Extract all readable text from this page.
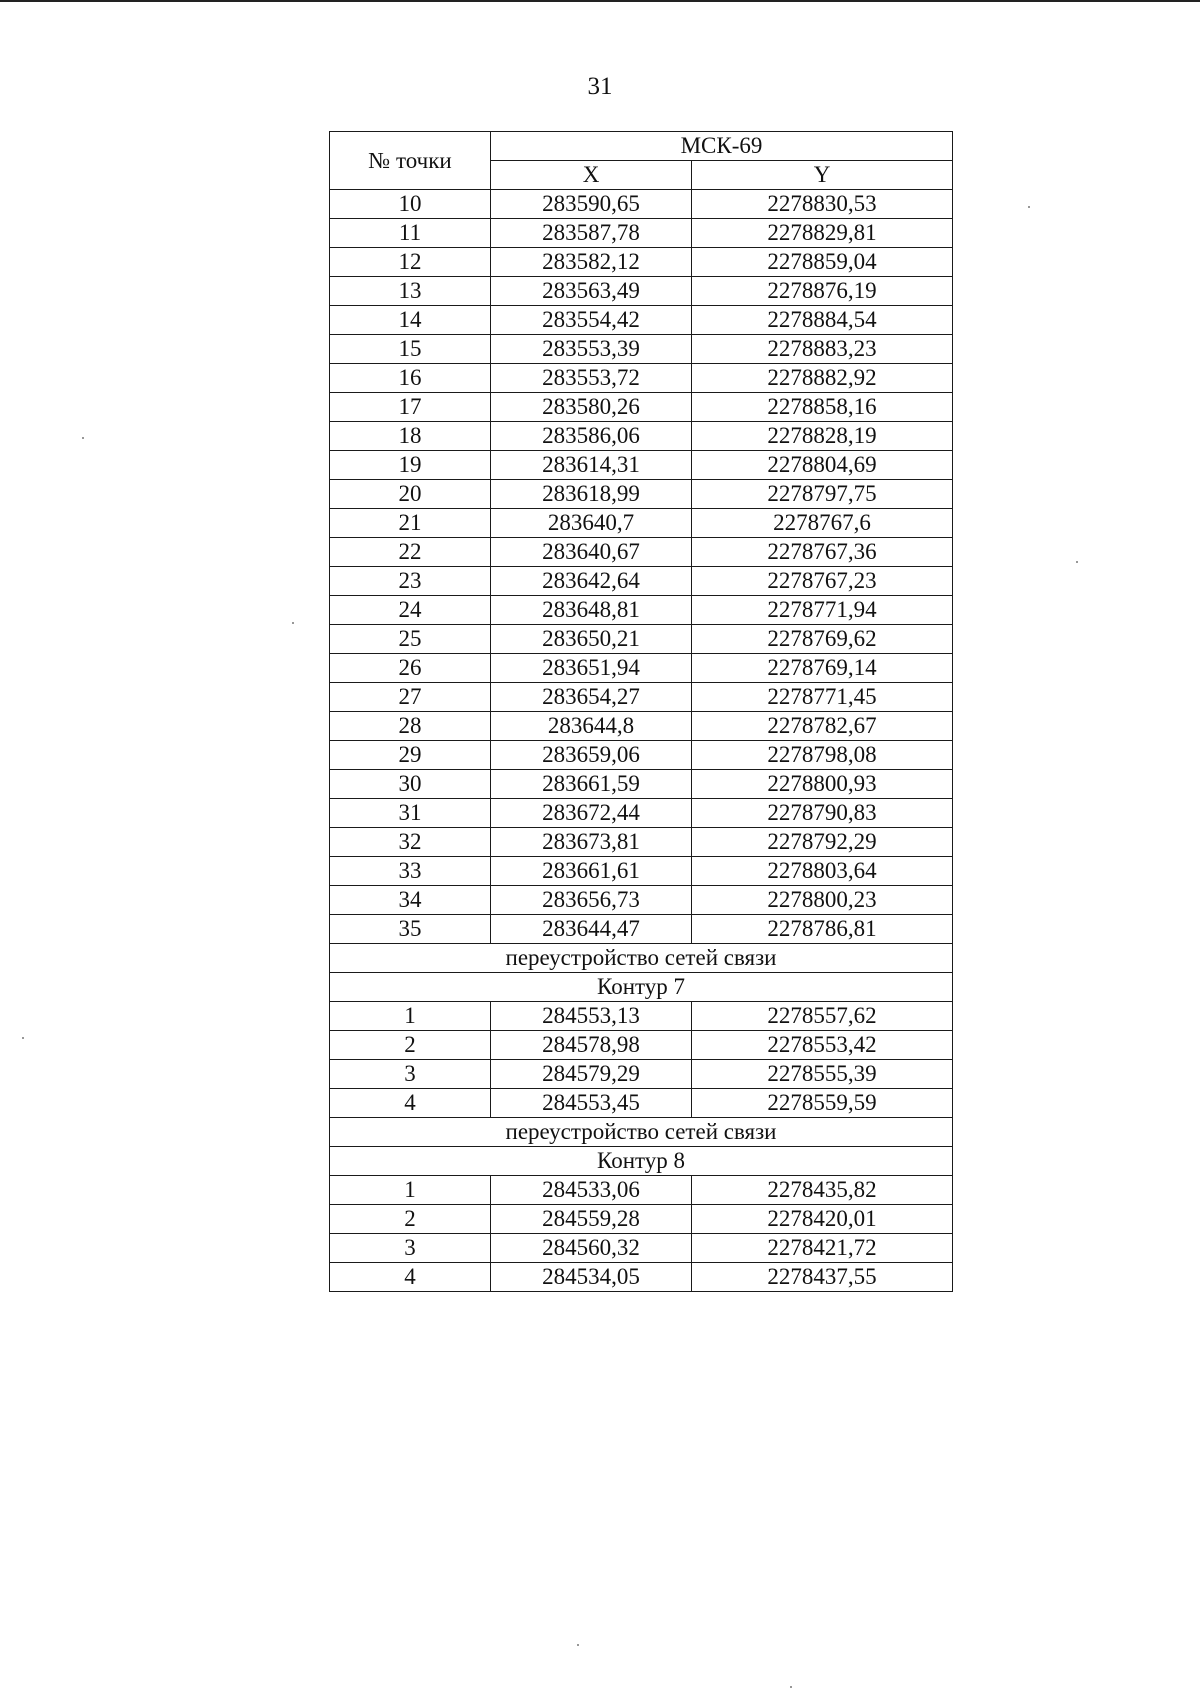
31
№ точки	МСК-69	
	X	Y
10	283590,65	2278830,53
11	283587,78	2278829,81
12	283582,12	2278859,04
13	283563,49	2278876,19
14	283554,42	2278884,54
15	283553,39	2278883,23
16	283553,72	2278882,92
17	283580,26	2278858,16
18	283586,06	2278828,19
19	283614,31	2278804,69
20	283618,99	2278797,75
21	283640,7	2278767,6
22	283640,67	2278767,36
23	283642,64	2278767,23
24	283648,81	2278771,94
25	283650,21	2278769,62
26	283651,94	2278769,14
27	283654,27	2278771,45
28	283644,8	2278782,67
29	283659,06	2278798,08
30	283661,59	2278800,93
31	283672,44	2278790,83
32	283673,81	2278792,29
33	283661,61	2278803,64
34	283656,73	2278800,23
35	283644,47	2278786,81
переустройство сетей связи		
Контур 7		
1	284553,13	2278557,62
2	284578,98	2278553,42
3	284579,29	2278555,39
4	284553,45	2278559,59
переустройство сетей связи		
Контур 8		
1	284533,06	2278435,82
2	284559,28	2278420,01
3	284560,32	2278421,72
4	284534,05	2278437,55
